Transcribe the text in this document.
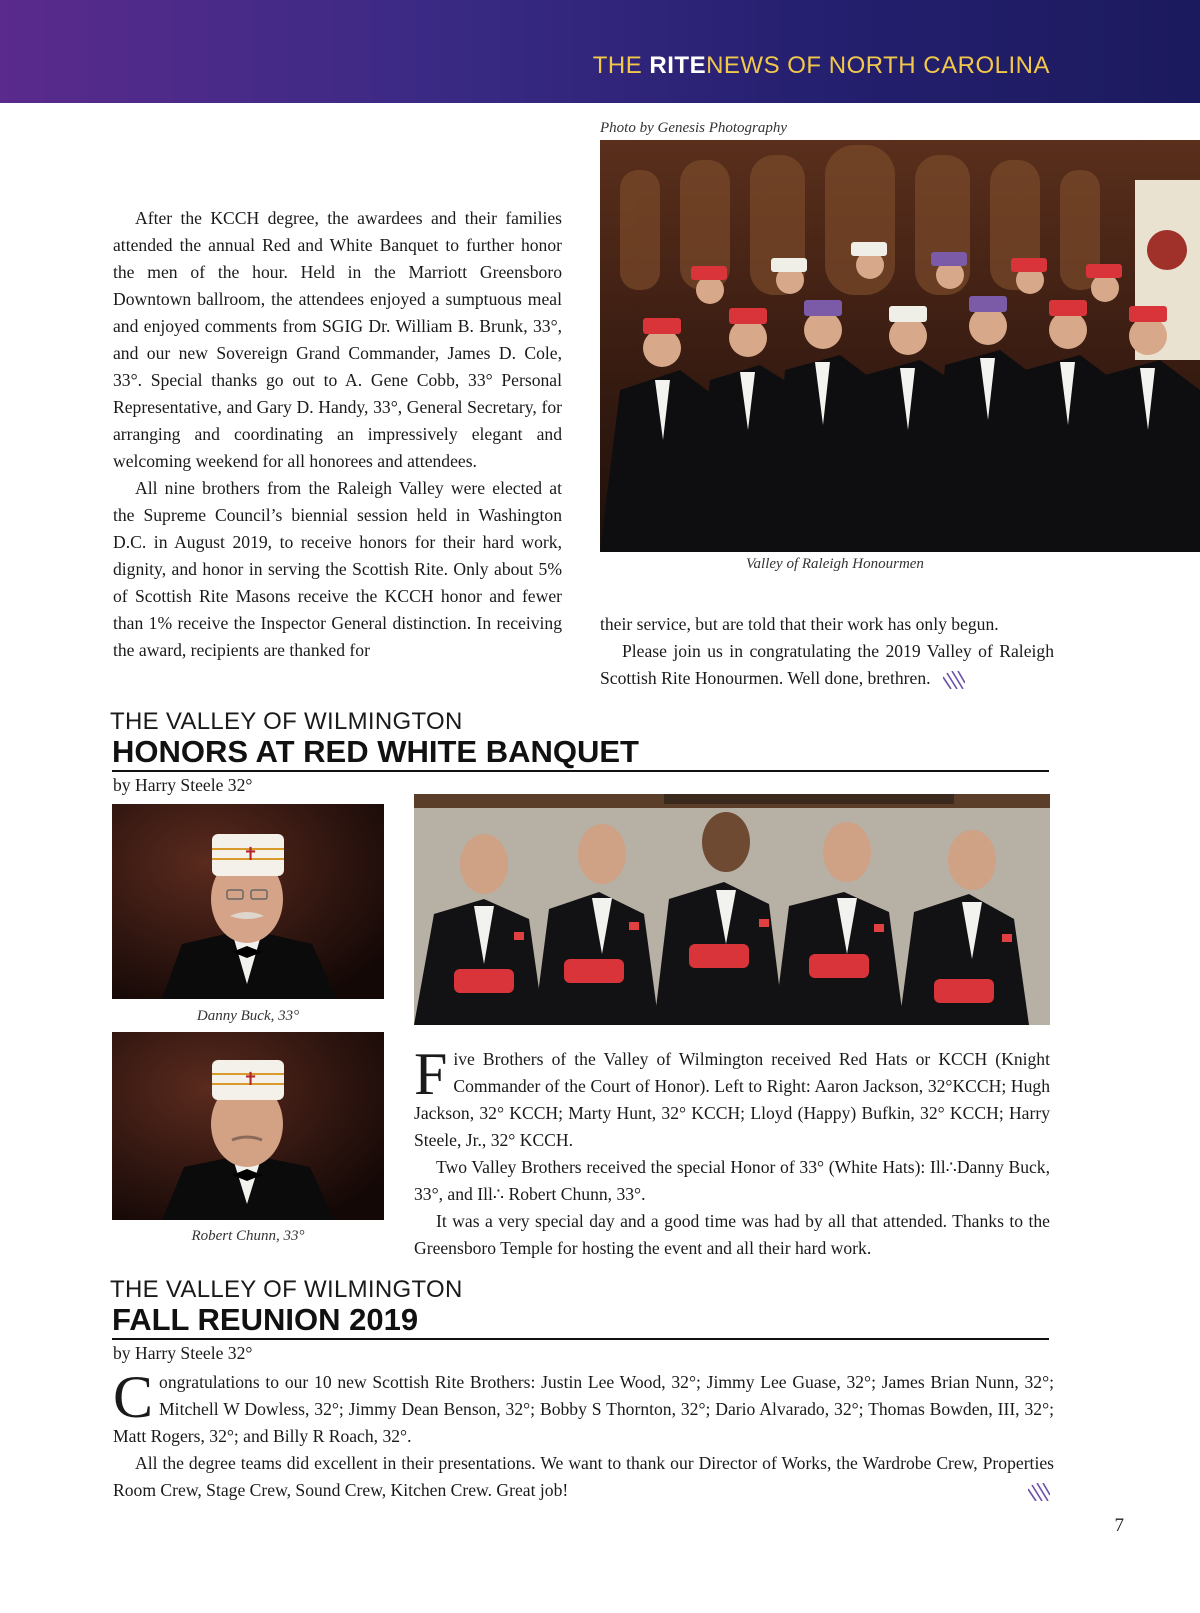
THE RITENEWS OF NORTH CAROLINA
Photo by Genesis Photography
Valley of Raleigh Honourmen

After the KCCH degree, the awardees and their families attended the annual Red and White Banquet to further honor the men of the hour. Held in the Marriott Greensboro Downtown ballroom, the attendees enjoyed a sumptuous meal and enjoyed comments from SGIG Dr. William B. Brunk, 33°, and our new Sovereign Grand Commander, James D. Cole, 33°. Special thanks go out to A. Gene Cobb, 33° Personal Representative, and Gary D. Handy, 33°, General Secretary, for arranging and coordinating an impressively elegant and welcoming weekend for all honorees and attendees.

All nine brothers from the Raleigh Valley were elected at the Supreme Council’s biennial session held in Washington D.C. in August 2019, to receive honors for their hard work, dignity, and honor in serving the Scottish Rite. Only about 5% of Scottish Rite Masons receive the KCCH honor and fewer than 1% receive the Inspector General distinction. In receiving the award, recipients are thanked for

their service, but are told that their work has only begun.

Please join us in congratulating the 2019 Valley of Raleigh Scottish Rite Honourmen. Well done, brethren.

THE VALLEY OF WILMINGTON
HONORS AT RED WHITE BANQUET
by Harry Steele 32°
✝
Danny Buck, 33°
✝
Robert Chunn, 33°

Five Brothers of the Valley of Wilmington received Red Hats or KCCH (Knight Commander of the Court of Honor). Left to Right: Aaron Jackson, 32°KCCH; Hugh Jackson, 32° KCCH; Marty Hunt, 32° KCCH; Lloyd (Happy) Bufkin, 32° KCCH; Harry Steele, Jr., 32° KCCH.

Two Valley Brothers received the special Honor of 33° (White Hats): Ill∴Danny Buck, 33°, and Ill∴ Robert Chunn, 33°.

It was a very special day and a good time was had by all that attended. Thanks to the Greensboro Temple for hosting the event and all their hard work.

THE VALLEY OF WILMINGTON
FALL REUNION 2019
by Harry Steele 32°

Congratulations to our 10 new Scottish Rite Brothers: Justin Lee Wood, 32°; Jimmy Lee Guase, 32°; James Brian Nunn, 32°; Mitchell W Dowless, 32°; Jimmy Dean Benson, 32°; Bobby S Thornton, 32°; Dario Alvarado, 32°; Thomas Bowden, III, 32°; Matt Rogers, 32°; and Billy R Roach, 32°.

All the degree teams did excellent in their presentations. We want to thank our Director of Works, the Wardrobe Crew, Properties Room Crew, Stage Crew, Sound Crew, Kitchen Crew. Great job!

7
